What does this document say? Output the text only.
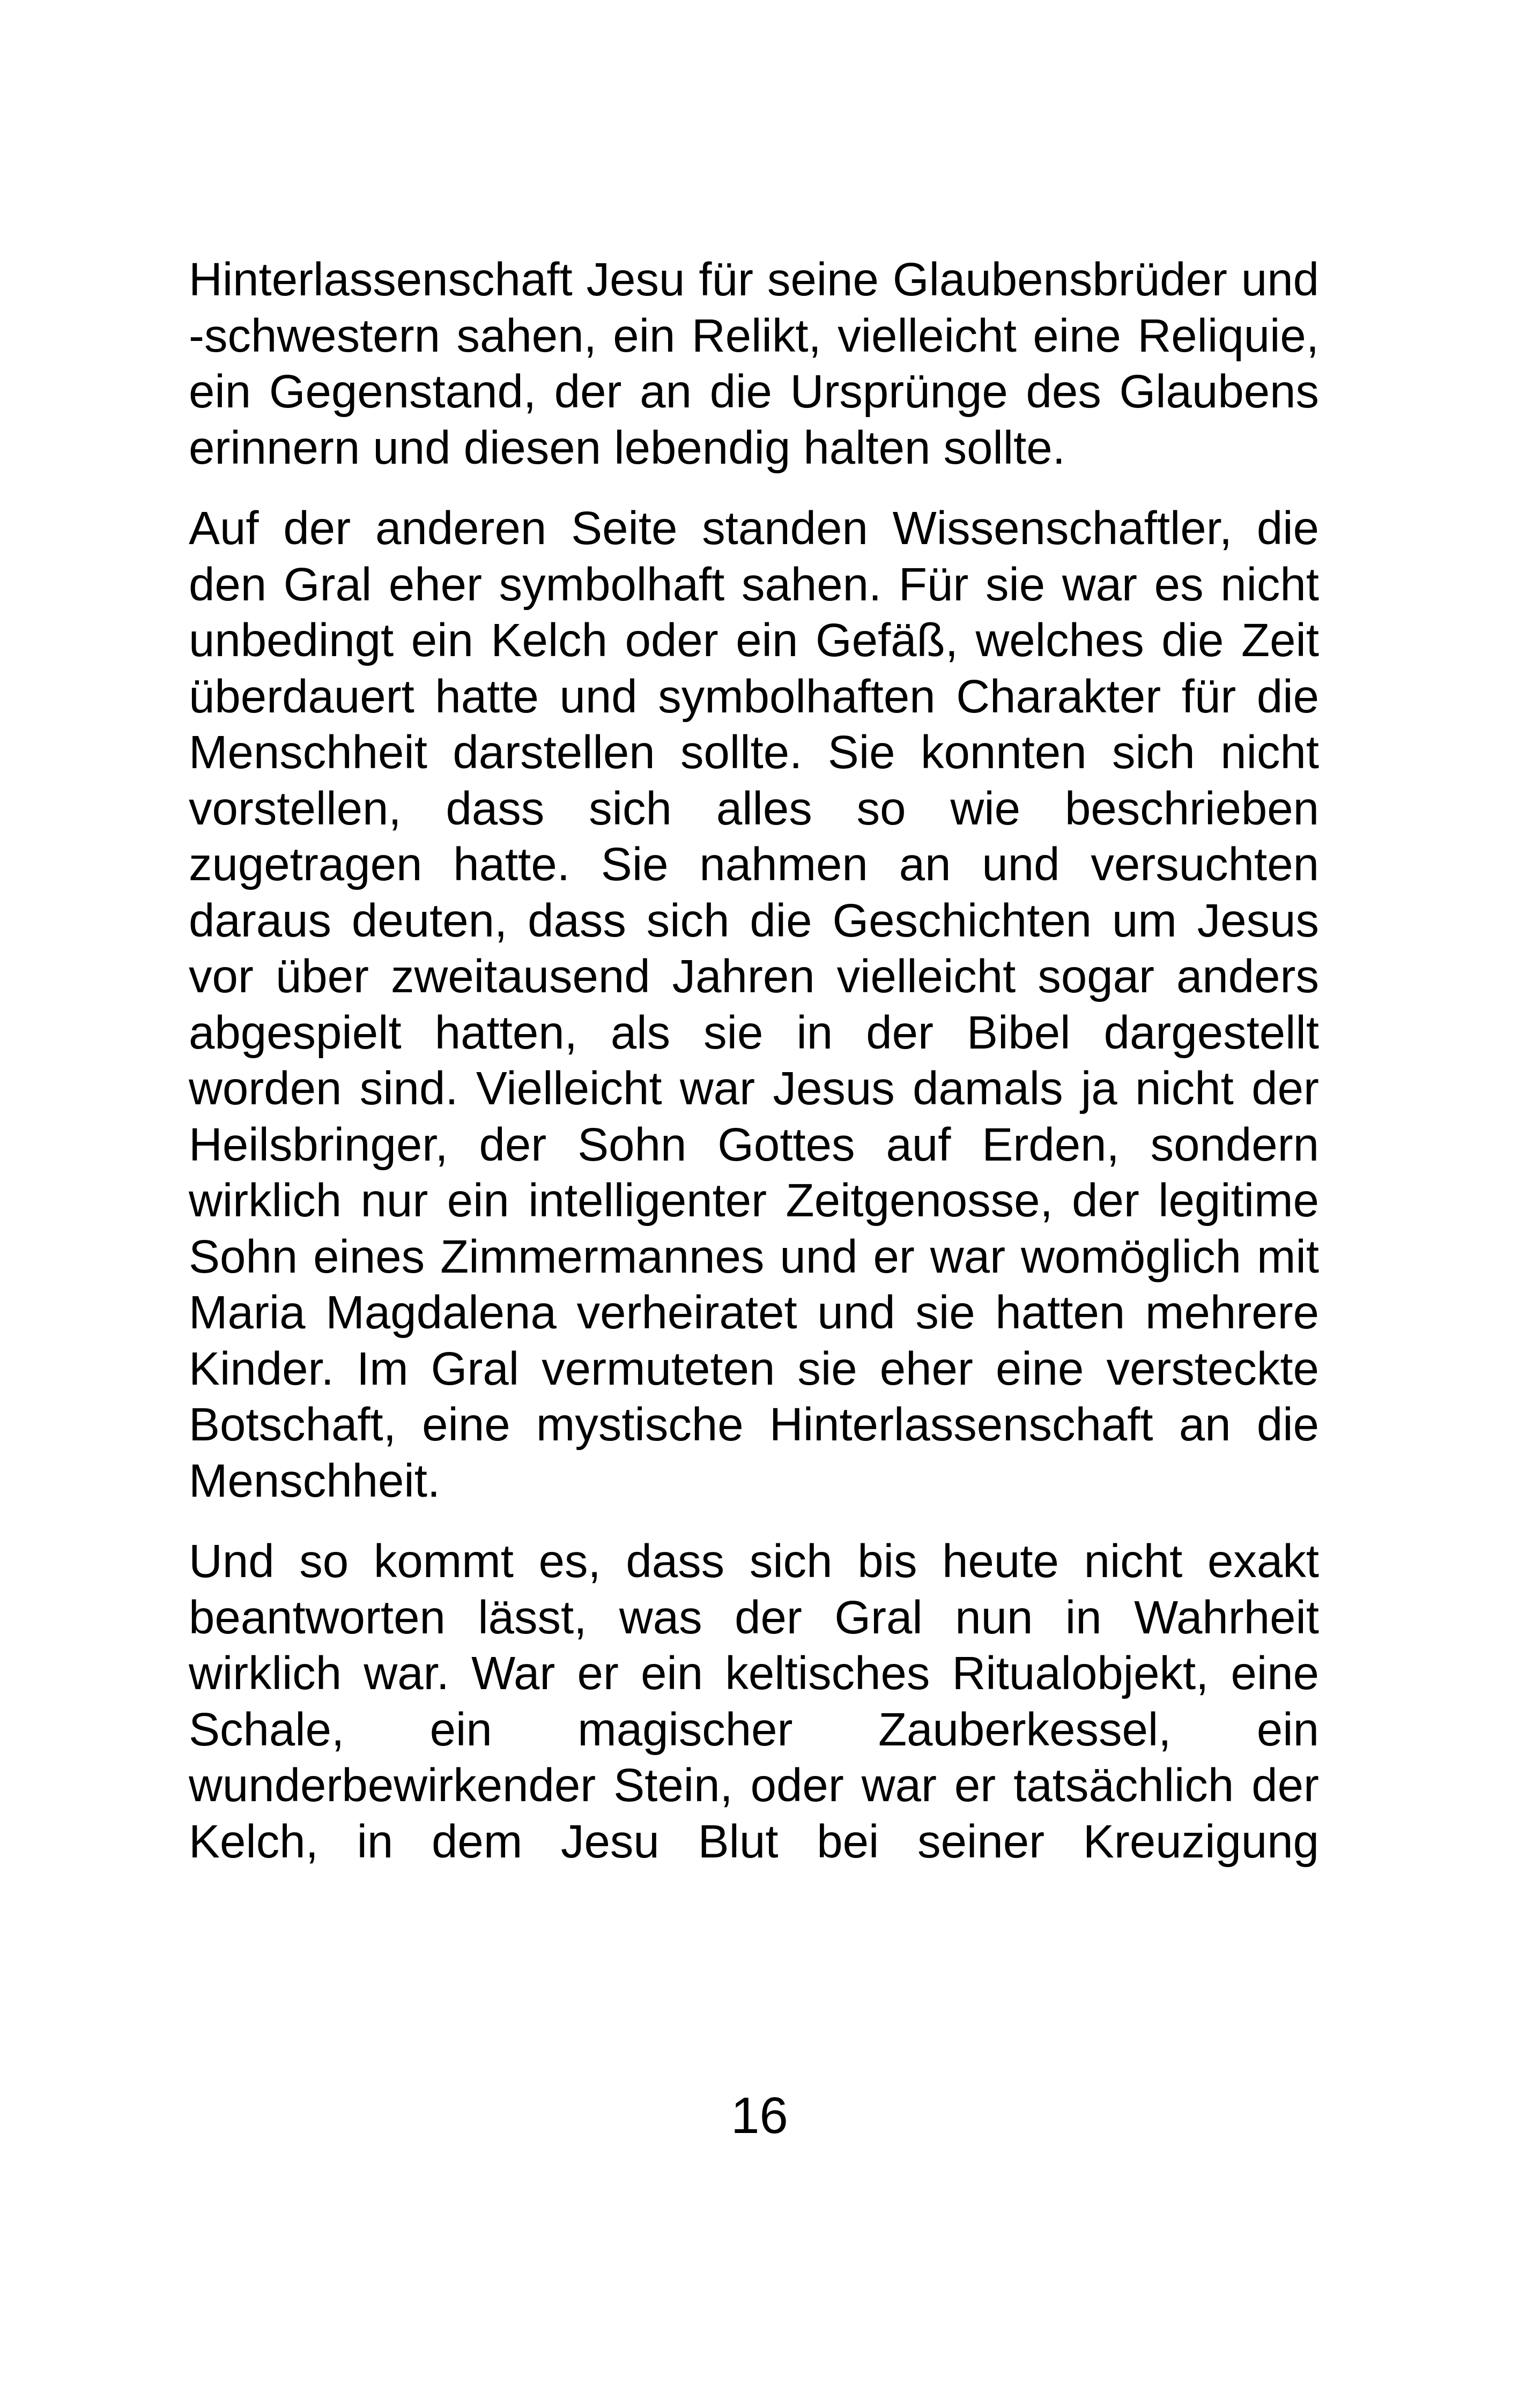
Hinterlassenschaft Jesu für seine Glaubensbrüder und -schwestern sahen, ein Relikt, vielleicht eine Reliquie, ein Gegenstand, der an die Ursprünge des Glaubens erinnern und diesen lebendig halten sollte.

Auf der anderen Seite standen Wissenschaftler, die den Gral eher symbolhaft sahen. Für sie war es nicht unbedingt ein Kelch oder ein Gefäß, welches die Zeit überdauert hatte und symbolhaften Charakter für die Menschheit darstellen sollte. Sie konnten sich nicht vorstellen, dass sich alles so wie beschrieben zugetragen hatte. Sie nahmen an und versuchten daraus deuten, dass sich die Geschichten um Jesus vor über zweitausend Jahren vielleicht sogar anders abgespielt hatten, als sie in der Bibel dargestellt worden sind. Vielleicht war Jesus damals ja nicht der Heilsbringer, der Sohn Gottes auf Erden, sondern wirklich nur ein intelligenter Zeitgenosse, der legitime Sohn eines Zimmermannes und er war womöglich mit Maria Magdalena verheiratet und sie hatten mehrere Kinder. Im Gral vermuteten sie eher eine versteckte Botschaft, eine mystische Hinterlassenschaft an die Menschheit.

Und so kommt es, dass sich bis heute nicht exakt beantworten lässt, was der Gral nun in Wahrheit wirklich war. War er ein keltisches Ritualobjekt, eine Schale, ein magischer Zauberkessel, ein wunderbewirkender Stein, oder war er tatsächlich der Kelch, in dem Jesu Blut bei seiner Kreuzigung

16
